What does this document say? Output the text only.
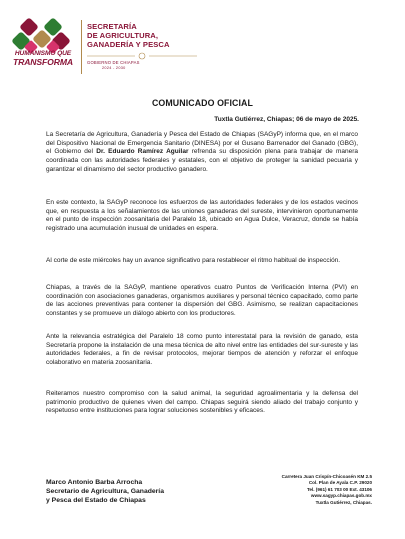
HUMANISMO QUE
TRANSFORMA
SECRETARÍA
DE AGRICULTURA,
GANADERÍA Y PESCA
GOBIERNO DE CHIAPAS
2024 - 2030
COMUNICADO OFICIAL
Tuxtla Gutiérrez, Chiapas; 06 de mayo de 2025.

La Secretaría de Agricultura, Ganadería y Pesca del Estado de Chiapas (SAGyP) informa que, en el marco del Dispositivo Nacional de Emergencia Sanitario (DINESA) por el Gusano Barrenador del Ganado (GBG), el Gobierno del Dr. Eduardo Ramírez Aguilar refrenda su disposición plena para trabajar de manera coordinada con las autoridades federales y estatales, con el objetivo de proteger la sanidad pecuaria y garantizar el dinamismo del sector productivo ganadero.

En este contexto, la SAGyP reconoce los esfuerzos de las autoridades federales y de los estados vecinos que, en respuesta a los señalamientos de las uniones ganaderas del sureste, intervinieron oportunamente en el punto de inspección zoosanitaria del Paralelo 18, ubicado en Agua Dulce, Veracruz, donde se había registrado una acumulación inusual de unidades en espera.

Al corte de este miércoles hay un avance significativo para restablecer el ritmo habitual de inspección.

Chiapas, a través de la SAGyP, mantiene operativos cuatro Puntos de Verificación Interna (PVI) en coordinación con asociaciones ganaderas, organismos auxiliares y personal técnico capacitado, como parte de las acciones preventivas para contener la dispersión del GBG. Asimismo, se realizan capacitaciones constantes y se promueve un diálogo abierto con los productores.

Ante la relevancia estratégica del Paralelo 18 como punto interestatal para la revisión de ganado, esta Secretaría propone la instalación de una mesa técnica de alto nivel entre las entidades del sur-sureste y las autoridades federales, a fin de revisar protocolos, mejorar tiempos de atención y reforzar el enfoque colaborativo en materia zoosanitaria.

Reiteramos nuestro compromiso con la salud animal, la seguridad agroalimentaria y la defensa del patrimonio productivo de quienes viven del campo. Chiapas seguirá siendo aliado del trabajo conjunto y respetuoso entre instituciones para lograr soluciones sostenibles y eficaces.

Marco Antonio Barba Arrocha
Secretario de Agricultura, Ganadería
y Pesca del Estado de Chiapas
Carretera Juan Crispín-Chicoasén KM 2.5
Col. Plan de Ayala C.P. 29020
Tel. (961) 61 703 00 Ext. 43106
www.sagyp.chiapas.gob.mx
Tuxtla Gutiérrez, Chiapas.
